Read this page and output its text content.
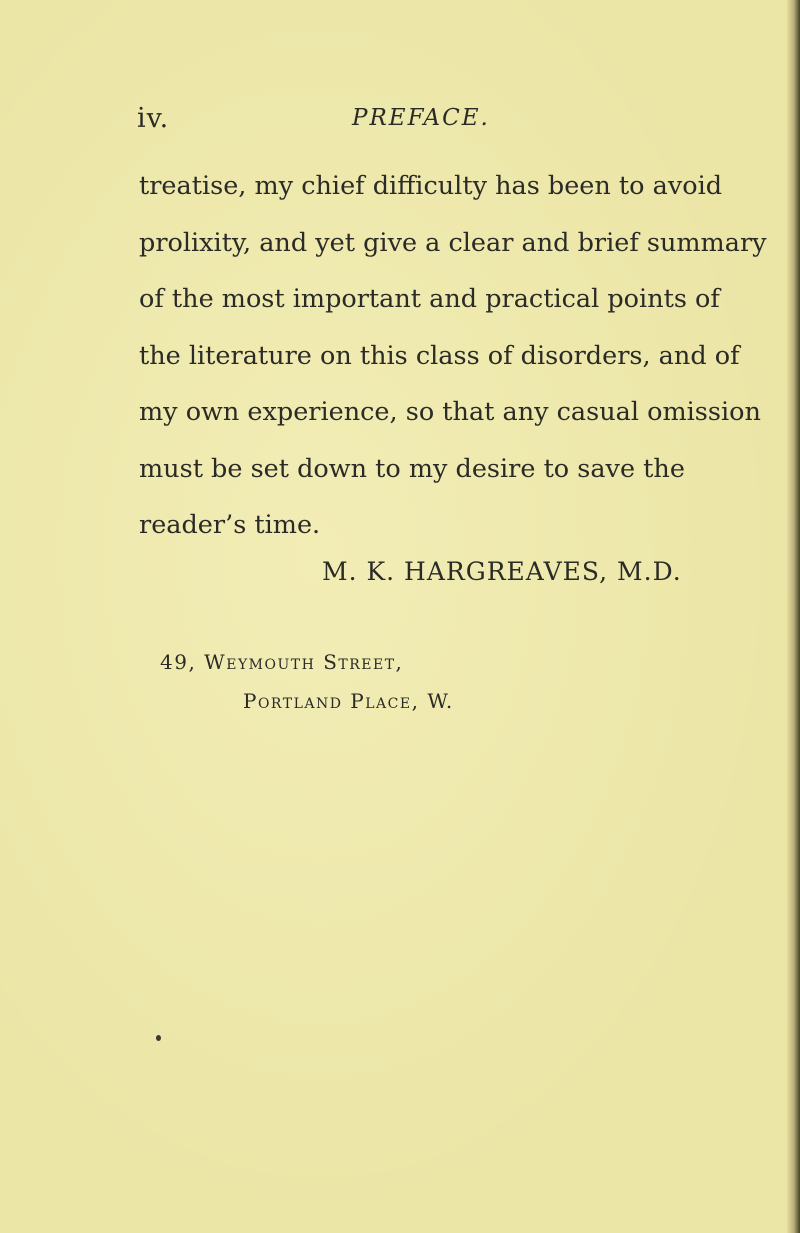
iv.	PREFACE.
treatise, my chief difficulty has been to avoid
prolixity, and yet give a clear and brief summary
of the most important and practical points of
the literature on this class of disorders, and of
my own experience, so that any casual omission
must be set down to my desire to save the
reader’s time.
M. K. HARGREAVES, M.D.
49, Weymouth Street,
Portland Place, W.
